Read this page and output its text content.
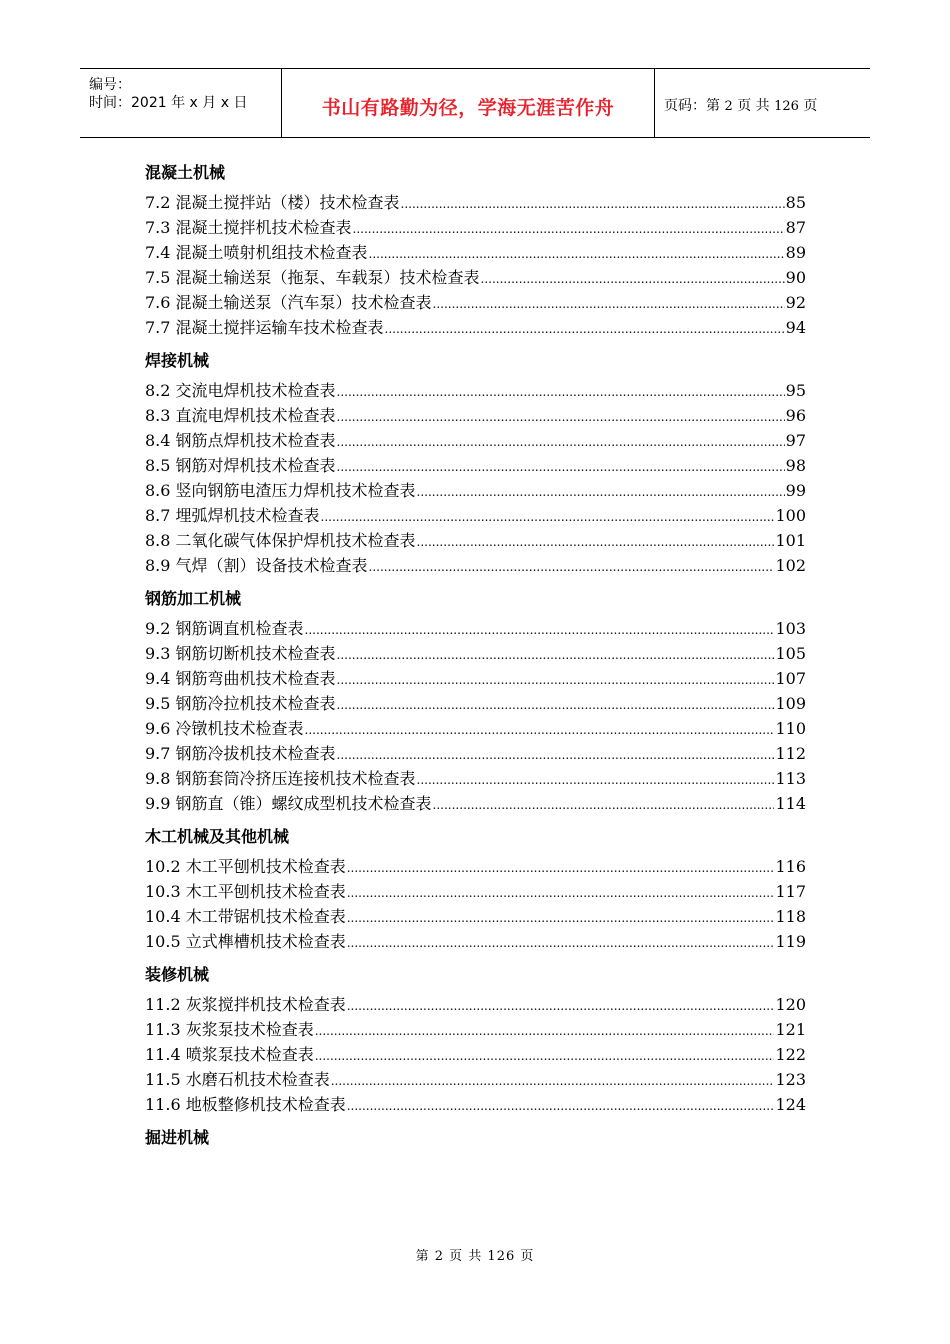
编号：
时间：2021 年 x 月 x 日	书山有路勤为径，学海无涯苦作舟	页码：第 2 页 共 126 页
混凝土机械
7.2 混凝土搅拌站（楼）技术检查表 .....	85
7.3 混凝土搅拌机技术检查表 .....	87
7.4 混凝土喷射机组技术检查表 .....	89
7.5 混凝土输送泵（拖泵、车载泵）技术检查表 .....	90
7.6 混凝土输送泵（汽车泵）技术检查表 .....	92
7.7 混凝土搅拌运输车技术检查表 .....	94
焊接机械
8.2 交流电焊机技术检查表 .....	95
8.3 直流电焊机技术检查表 .....	96
8.4 钢筋点焊机技术检查表 .....	97
8.5 钢筋对焊机技术检查表 .....	98
8.6 竖向钢筋电渣压力焊机技术检查表 .....	99
8.7 埋弧焊机技术检查表 .....	100
8.8 二氧化碳气体保护焊机技术检查表 .....	101
8.9 气焊（割）设备技术检查表 .....	102
钢筋加工机械
9.2 钢筋调直机检查表 .....	103
9.3 钢筋切断机技术检查表 .....	105
9.4 钢筋弯曲机技术检查表 .....	107
9.5 钢筋冷拉机技术检查表 .....	109
9.6 冷镦机技术检查表 .....	110
9.7 钢筋冷拔机技术检查表 .....	112
9.8 钢筋套筒冷挤压连接机技术检查表 .....	113
9.9 钢筋直（锥）螺纹成型机技术检查表 .....	114
木工机械及其他机械
10.2 木工平刨机技术检查表 .....	116
10.3 木工平刨机技术检查表 .....	117
10.4 木工带锯机技术检查表 .....	118
10.5 立式榫槽机技术检查表 .....	119
装修机械
11.2 灰浆搅拌机技术检查表 .....	120
11.3 灰浆泵技术检查表 .....	121
11.4 喷浆泵技术检查表 .....	122
11.5 水磨石机技术检查表 .....	123
11.6 地板整修机技术检查表 .....	124
掘进机械
第 2 页 共 126 页
